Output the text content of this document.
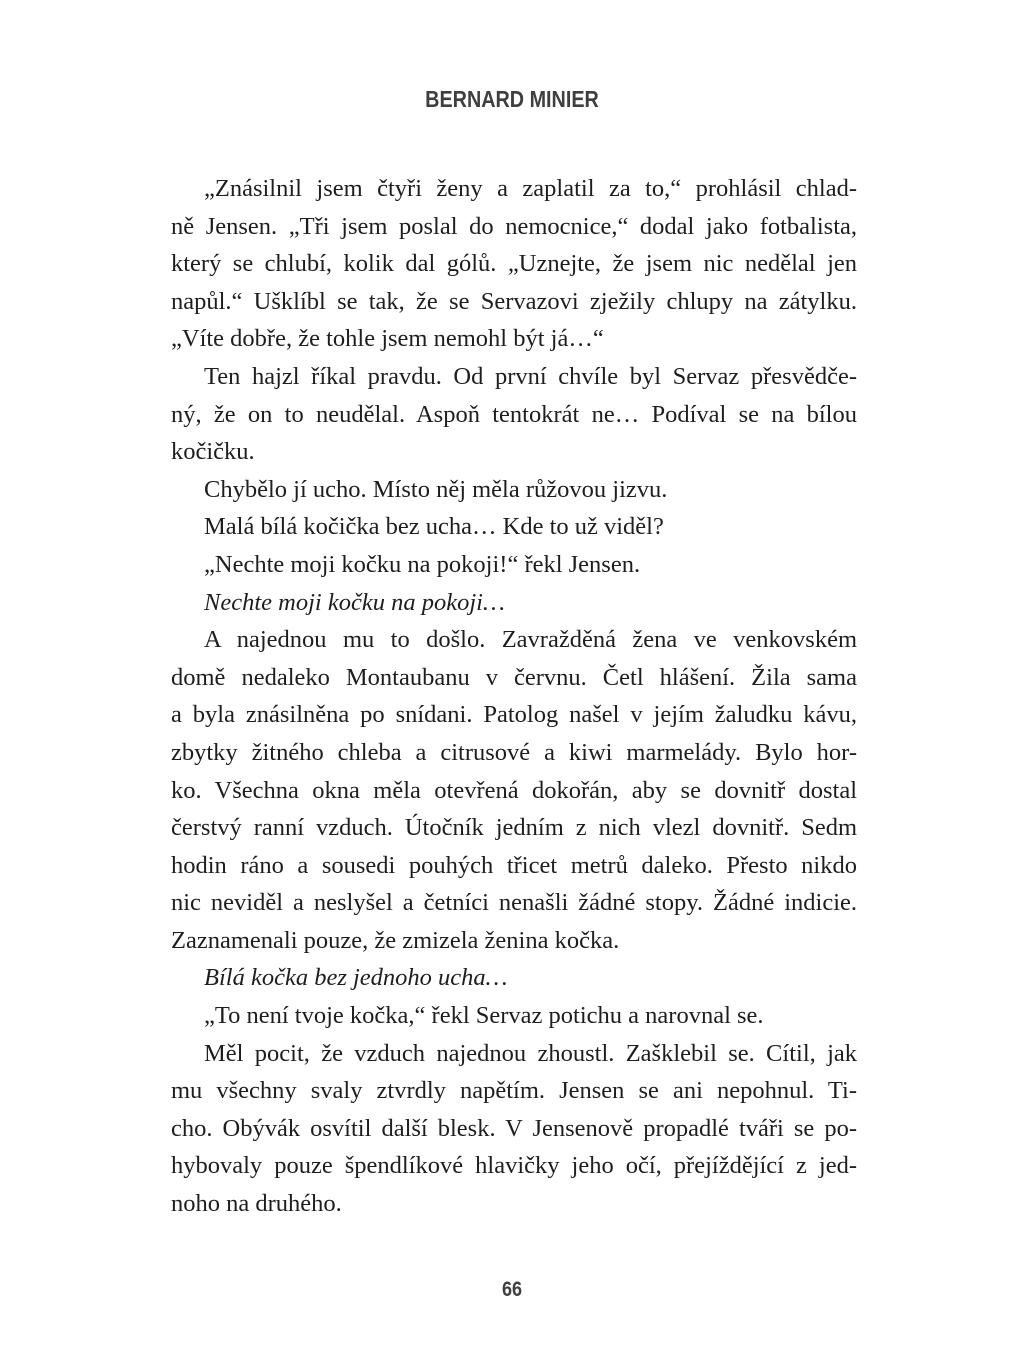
BERNARD MINIER
„Znásilnil jsem čtyři ženy a zaplatil za to,“ prohlásil chlad-
ně Jensen. „Tři jsem poslal do nemocnice,“ dodal jako fotbalista,
který se chlubí, kolik dal gólů. „Uznejte, že jsem nic nedělal jen
napůl.“ Ušklíbl se tak, že se Servazovi zježily chlupy na zátylku.
„Víte dobře, že tohle jsem nemohl být já…“
Ten hajzl říkal pravdu. Od první chvíle byl Servaz přesvědče-
ný, že on to neudělal. Aspoň tentokrát ne… Podíval se na bílou
kočičku.
Chybělo jí ucho. Místo něj měla růžovou jizvu.
Malá bílá kočička bez ucha… Kde to už viděl?
„Nechte moji kočku na pokoji!“ řekl Jensen.
Nechte moji kočku na pokoji…
A najednou mu to došlo. Zavražděná žena ve venkovském
domě nedaleko Montaubanu v červnu. Četl hlášení. Žila sama
a byla znásilněna po snídani. Patolog našel v jejím žaludku kávu,
zbytky žitného chleba a citrusové a kiwi marmelády. Bylo hor-
ko. Všechna okna měla otevřená dokořán, aby se dovnitř dostal
čerstvý ranní vzduch. Útočník jedním z nich vlezl dovnitř. Sedm
hodin ráno a sousedi pouhých třicet metrů daleko. Přesto nikdo
nic neviděl a neslyšel a četníci nenašli žádné stopy. Žádné indicie.
Zaznamenali pouze, že zmizela ženina kočka.
Bílá kočka bez jednoho ucha…
„To není tvoje kočka,“ řekl Servaz potichu a narovnal se.
Měl pocit, že vzduch najednou zhoustl. Zašklebil se. Cítil, jak
mu všechny svaly ztvrdly napětím. Jensen se ani nepohnul. Ti-
cho. Obývák osvítil další blesk. V Jensenově propadlé tváři se po-
hybovaly pouze špendlíkové hlavičky jeho očí, přejíždějící z jed-
noho na druhého.
66
